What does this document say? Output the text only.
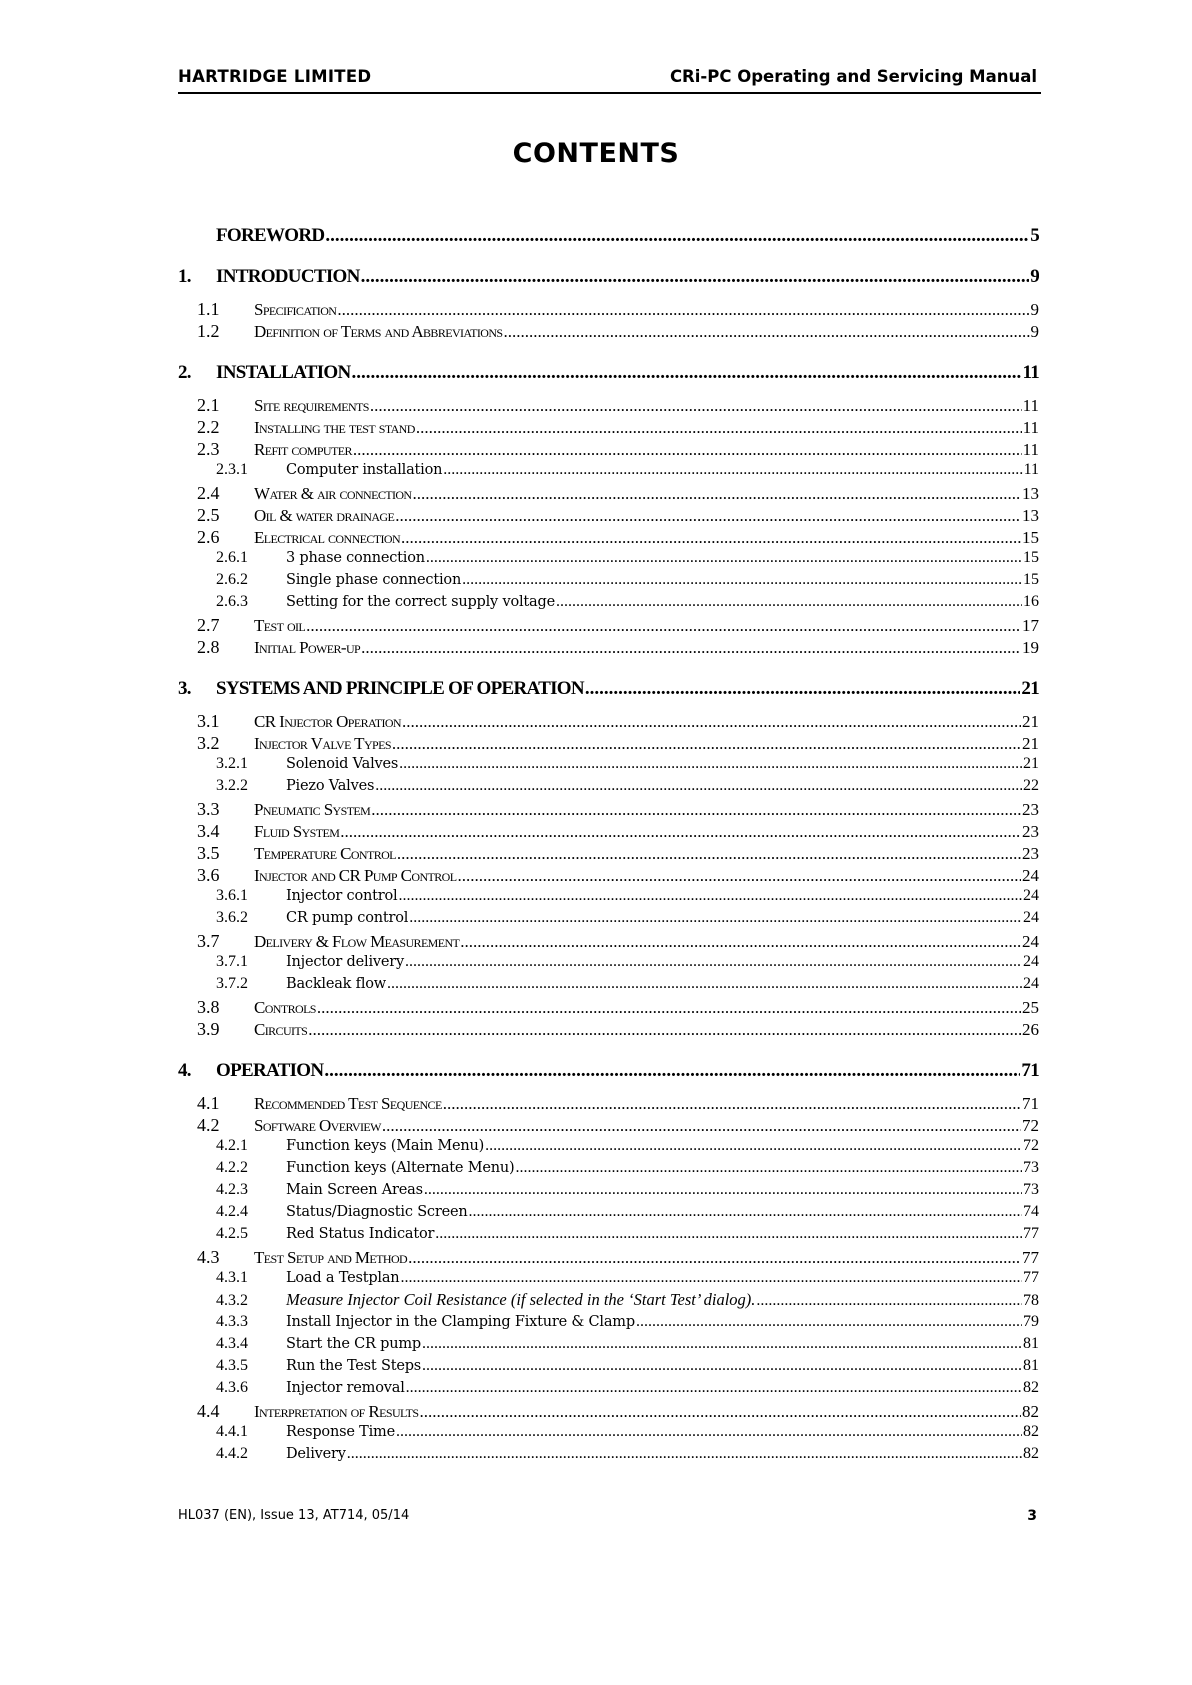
HARTRIDGE LIMITED	CRi-PC Operating and Servicing Manual
CONTENTS
FOREWORD .....	5
1.	INTRODUCTION .....	9
1.1	Specification .....	9
1.2	Definition of Terms and Abbreviations .....	9
2.	INSTALLATION .....	11
2.1	Site requirements .....	11
2.2	Installing the test stand .....	11
2.3	Refit computer .....	11
2.3.1	Computer installation .....	11
2.4	Water & air connection .....	13
2.5	Oil & water drainage .....	13
2.6	Electrical connection .....	15
2.6.1	3 phase connection .....	15
2.6.2	Single phase connection .....	15
2.6.3	Setting for the correct supply voltage .....	16
2.7	Test oil .....	17
2.8	Initial Power-up .....	19
3.	SYSTEMS AND PRINCIPLE OF OPERATION .....	21
3.1	CR Injector Operation .....	21
3.2	Injector Valve Types .....	21
3.2.1	Solenoid Valves .....	21
3.2.2	Piezo Valves .....	22
3.3	Pneumatic System .....	23
3.4	Fluid System .....	23
3.5	Temperature Control .....	23
3.6	Injector and CR Pump Control .....	24
3.6.1	Injector control .....	24
3.6.2	CR pump control .....	24
3.7	Delivery & Flow Measurement .....	24
3.7.1	Injector delivery .....	24
3.7.2	Backleak flow .....	24
3.8	Controls .....	25
3.9	Circuits .....	26
4.	OPERATION .....	71
4.1	Recommended Test Sequence .....	71
4.2	Software Overview .....	72
4.2.1	Function keys (Main Menu) .....	72
4.2.2	Function keys (Alternate Menu) .....	73
4.2.3	Main Screen Areas .....	73
4.2.4	Status/Diagnostic Screen .....	74
4.2.5	Red Status Indicator .....	77
4.3	Test Setup and Method .....	77
4.3.1	Load a Testplan .....	77
4.3.2	Measure Injector Coil Resistance (if selected in the ‘Start Test’ dialog). .....	78
4.3.3	Install Injector in the Clamping Fixture & Clamp .....	79
4.3.4	Start the CR pump .....	81
4.3.5	Run the Test Steps .....	81
4.3.6	Injector removal .....	82
4.4	Interpretation of Results .....	82
4.4.1	Response Time .....	82
4.4.2	Delivery .....	82
HL037 (EN), Issue 13, AT714, 05/14	3
